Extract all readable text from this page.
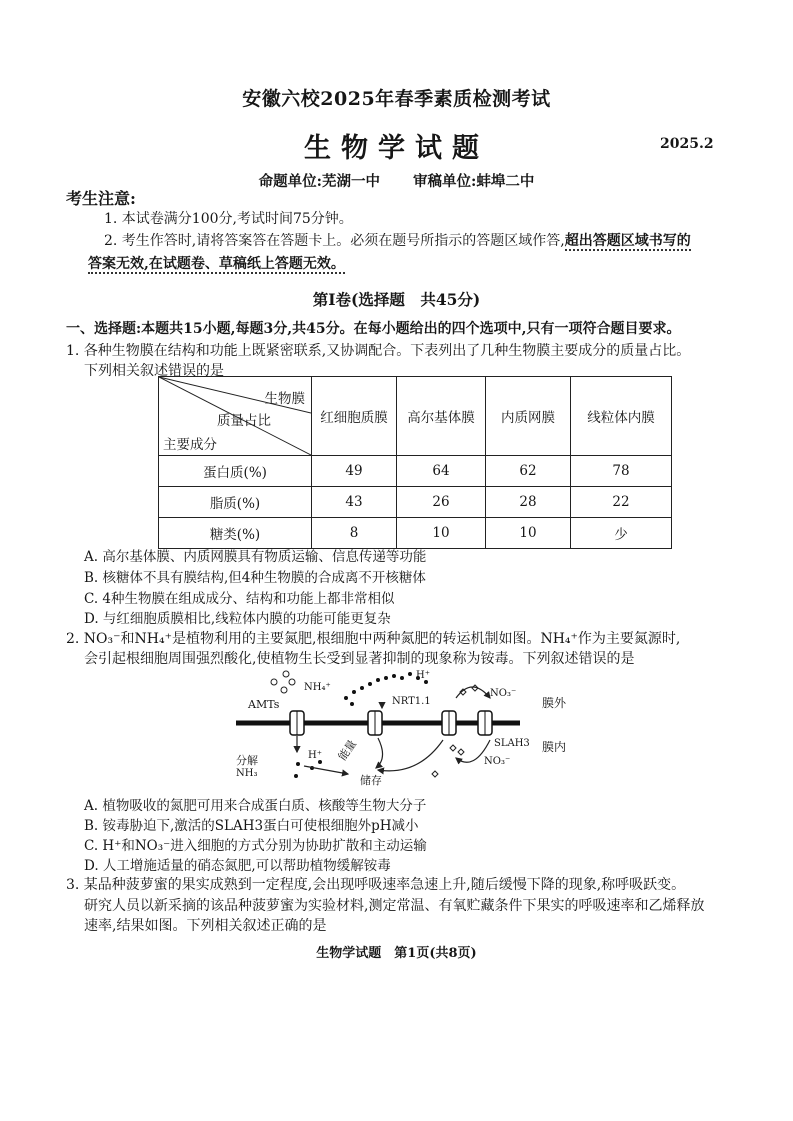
安徽六校2025年春季素质检测考试
生物学试题	2025.2
命题单位:芜湖一中 审稿单位:蚌埠二中
考生注意:
1. 本试卷满分100分,考试时间75分钟。
2. 考生作答时,请将答案答在答题卡上。必须在题号所指示的答题区域作答,超出答题区域书写的
答案无效,在试题卷、草稿纸上答题无效。
第Ⅰ卷(选择题　共45分)
一、选择题:本题共15小题,每题3分,共45分。在每小题给出的四个选项中,只有一项符合题目要求。
1. 各种生物膜在结构和功能上既紧密联系,又协调配合。下表列出了几种生物膜主要成分的质量占比。
下列相关叙述错误的是
生物膜
质量占比
主要成分	红细胞质膜	高尔基体膜	内质网膜	线粒体内膜
蛋白质(%)	49	64	62	78
脂质(%)	43	26	28	22
糖类(%)	8	10	10	少
A. 高尔基体膜、内质网膜具有物质运输、信息传递等功能
B. 核糖体不具有膜结构,但4种生物膜的合成离不开核糖体
C. 4种生物膜在组成成分、结构和功能上都非常相似
D. 与红细胞质膜相比,线粒体内膜的功能可能更复杂
2. NO₃⁻和NH₄⁺是植物利用的主要氮肥,根细胞中两种氮肥的转运机制如图。NH₄⁺作为主要氮源时,
会引起根细胞周围强烈酸化,使植物生长受到显著抑制的现象称为铵毒。下列叙述错误的是
AMTs
NH₄⁺
H⁺
NRT1.1
NO₃⁻
膜外
SLAH3 膜内
分解
NH₃
H⁺ 能量
储存
NO₃⁻
A. 植物吸收的氮肥可用来合成蛋白质、核酸等生物大分子
B. 铵毒胁迫下,激活的SLAH3蛋白可使根细胞外pH减小
C. H⁺和NO₃⁻进入细胞的方式分别为协助扩散和主动运输
D. 人工增施适量的硝态氮肥,可以帮助植物缓解铵毒
3. 某品种菠萝蜜的果实成熟到一定程度,会出现呼吸速率急速上升,随后缓慢下降的现象,称呼吸跃变。
研究人员以新采摘的该品种菠萝蜜为实验材料,测定常温、有氧贮藏条件下果实的呼吸速率和乙烯释放
速率,结果如图。下列相关叙述正确的是
生物学试题　第1页(共8页)
